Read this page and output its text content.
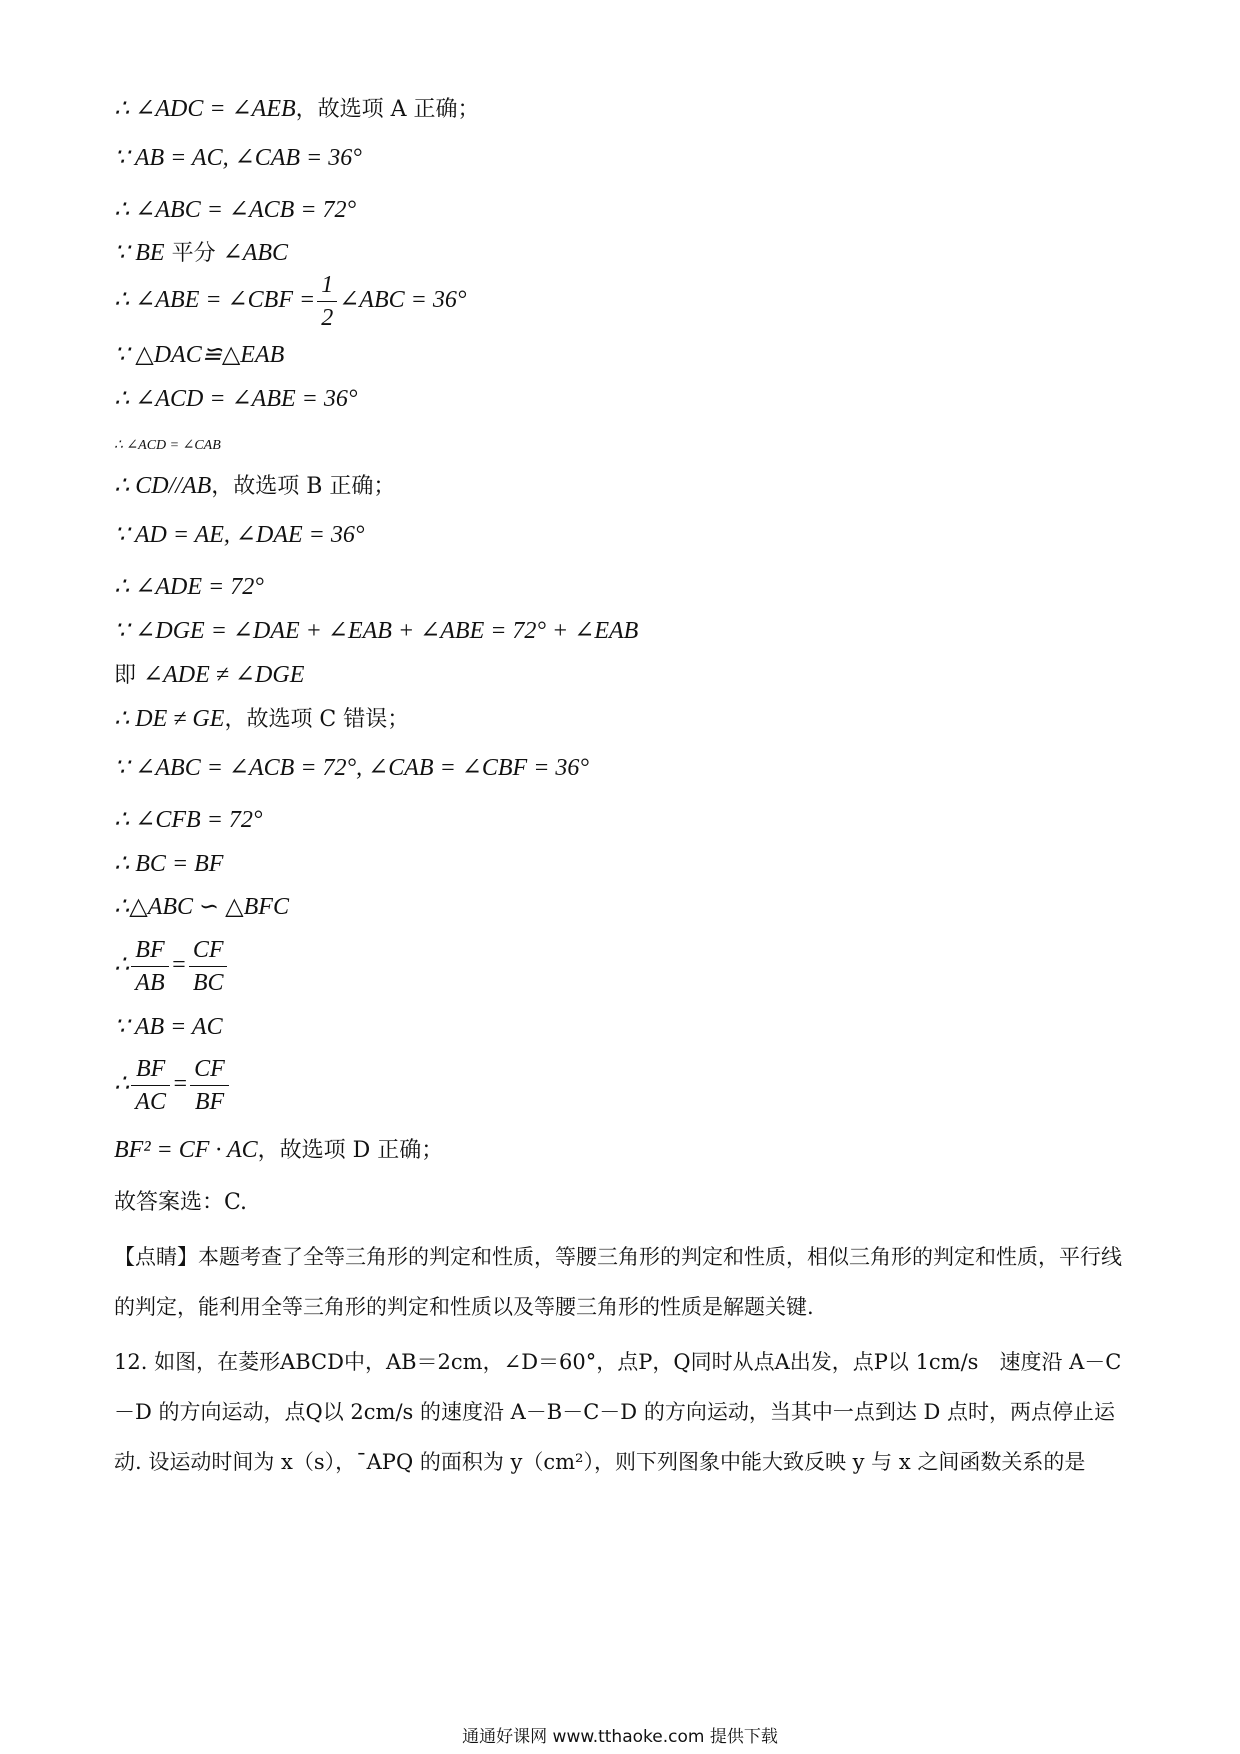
∴ ∠ADC = ∠AEB，故选项 A 正确；
∵ AB = AC, ∠CAB = 36°
∴ ∠ABC = ∠ACB = 72°
∵ BE 平分 ∠ABC
∴ ∠ABE = ∠CBF = $\frac{1}{2}$ ∠ABC = 36°
∵ △DAC≌△EAB
∴ ∠ACD = ∠ABE = 36°
∴ ∠ACD = ∠CAB
∴ CD//AB，故选项 B 正确；
∵ AD = AE, ∠DAE = 36°
∴ ∠ADE = 72°
∵ ∠DGE = ∠DAE + ∠EAB + ∠ABE = 72° + ∠EAB
即 ∠ADE ≠ ∠DGE
∴ DE ≠ GE，故选项 C 错误；
∵ ∠ABC = ∠ACB = 72°, ∠CAB = ∠CBF = 36°
∴ ∠CFB = 72°
∴ BC = BF
∴△ABC ∽ △BFC
∴ $\frac{BF}{AB} = \frac{CF}{BC}$
∵ AB = AC
∴ $\frac{BF}{AC} = \frac{CF}{BF}$
BF² = CF · AC，故选项 D 正确；
故答案选：C.
【点睛】本题考查了全等三角形的判定和性质，等腰三角形的判定和性质，相似三角形的判定和性质，平行线的判定，能利用全等三角形的判定和性质以及等腰三角形的性质是解题关键.
12. 如图，在菱形ABCD中，AB＝2cm，∠D＝60°，点P，Q同时从点A出发，点P以 1cm/s　速度沿 A－C－D 的方向运动，点Q以 2cm/s 的速度沿 A－B－C－D 的方向运动，当其中一点到达 D 点时，两点停止运动. 设运动时间为 x（s），¯APQ 的面积为 y（cm²），则下列图象中能大致反映 y 与 x 之间函数关系的是
通通好课网 www.tthaoke.com 提供下载
